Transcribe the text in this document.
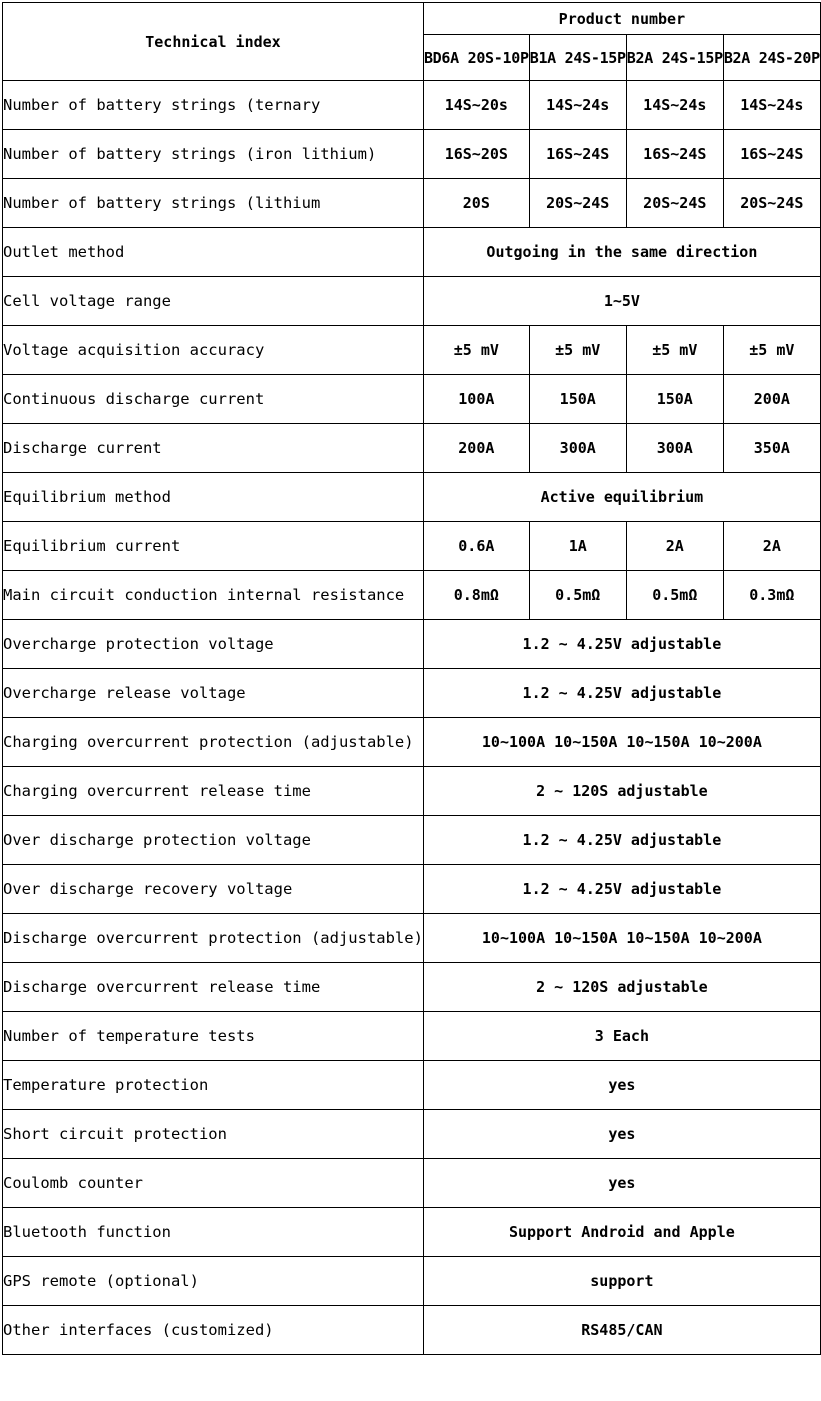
Technical index	Product number			
	BD6A 20S-10P	B1A 24S-15P	B2A 24S-15P	B2A 24S-20P
Number of battery strings (ternary	14S~20s	14S~24s	14S~24s	14S~24s
Number of battery strings (iron lithium)	16S~20S	16S~24S	16S~24S	16S~24S
Number of battery strings (lithium	20S	20S~24S	20S~24S	20S~24S
Outlet method	Outgoing in the same direction			
Cell voltage range	1~5V			
Voltage acquisition accuracy	±5 mV	±5 mV	±5 mV	±5 mV
Continuous discharge current	100A	150A	150A	200A
Discharge current	200A	300A	300A	350A
Equilibrium method	Active equilibrium			
Equilibrium current	0.6A	1A	2A	2A
Main circuit conduction internal resistance	0.8mΩ	0.5mΩ	0.5mΩ	0.3mΩ
Overcharge protection voltage	1.2 ~ 4.25V adjustable			
Overcharge release voltage	1.2 ~ 4.25V adjustable			
Charging overcurrent protection (adjustable)	10~100A 10~150A 10~150A 10~200A			
Charging overcurrent release time	2 ~ 120S adjustable			
Over discharge protection voltage	1.2 ~ 4.25V adjustable			
Over discharge recovery voltage	1.2 ~ 4.25V adjustable			
Discharge overcurrent protection (adjustable)	10~100A 10~150A 10~150A 10~200A			
Discharge overcurrent release time	2 ~ 120S adjustable			
Number of temperature tests	3 Each			
Temperature protection	yes			
Short circuit protection	yes			
Coulomb counter	yes			
Bluetooth function	Support Android and Apple			
GPS remote (optional)	support			
Other interfaces (customized)	RS485/CAN			
